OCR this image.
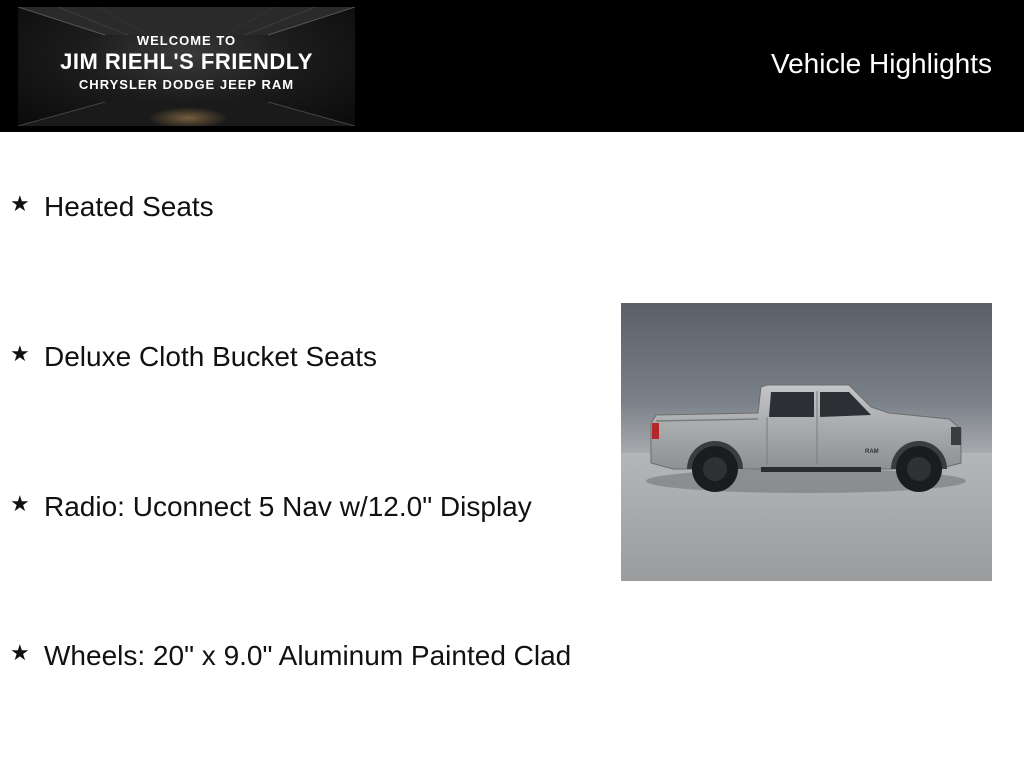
WELCOME TO
JIM RIEHL'S FRIENDLY
CHRYSLER DODGE JEEP RAM
Vehicle Highlights
★ Heated Seats
★ Deluxe Cloth Bucket Seats
★ Radio: Uconnect 5 Nav w/12.0" Display
★ Wheels: 20" x 9.0" Aluminum Painted Clad
RAM
